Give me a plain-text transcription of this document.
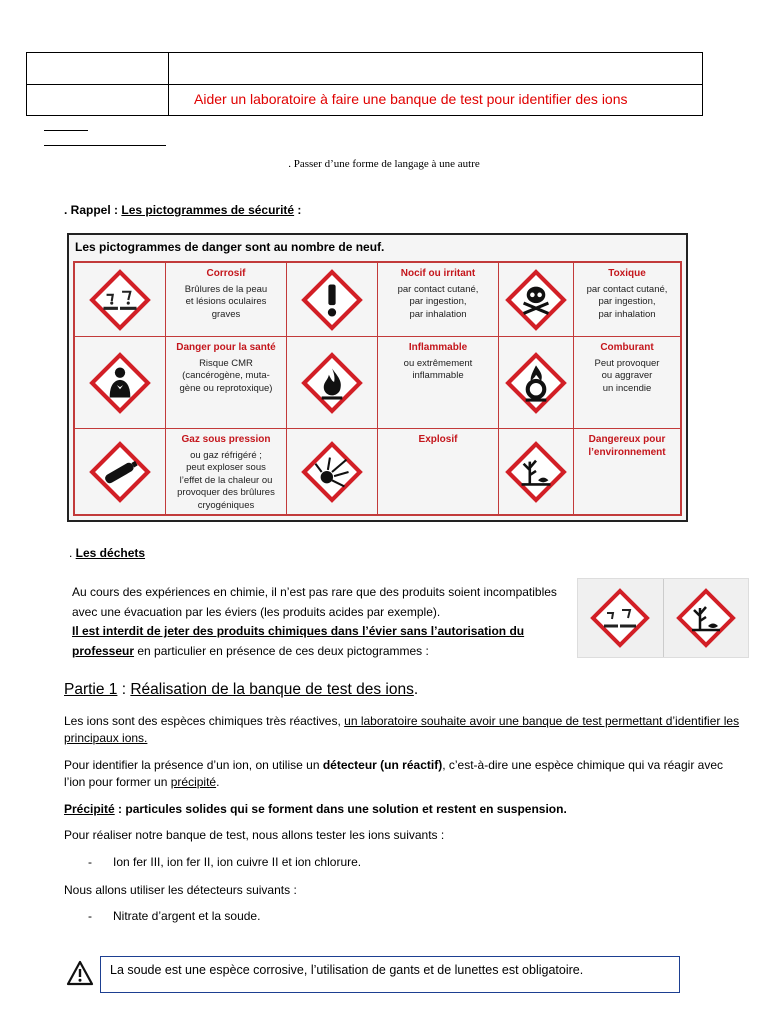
Aider un laboratoire à faire une banque de test pour identifier des ions
. Passer d’une forme de langage à une autre
. Rappel : Les pictogrammes de sécurité :
Les pictogrammes de danger sont au nombre de neuf.
Corrosif
Brûlures de la peau
et lésions oculaires
graves
Nocif ou irritant
par contact cutané,
par ingestion,
par inhalation
Toxique
par contact cutané,
par ingestion,
par inhalation
Danger pour la santé
Risque CMR
(cancérogène, muta-
gène ou reprotoxique)
Inflammable
ou extrêmement
inflammable
Comburant
Peut provoquer
ou aggraver
un incendie
Gaz sous pression
ou gaz réfrigéré ;
peut exploser sous
l’effet de la chaleur ou
provoquer des brûlures
cryogéniques
Explosif	Dangereux pour l’environnement
. Les déchets
Au cours des expériences en chimie, il n’est pas rare que des produits soient incompatibles avec une évacuation par les éviers (les produits acides par exemple).
Il est interdit de jeter des produits chimiques dans l’évier sans l’autorisation du professeur en particulier en présence de ces deux pictogrammes :
Partie 1 : Réalisation de la banque de test des ions.
Les ions sont des espèces chimiques très réactives, un laboratoire souhaite avoir une banque de test permettant d’identifier les principaux ions.
Pour identifier la présence d’un ion, on utilise un détecteur (un réactif), c’est-à-dire une espèce chimique qui va réagir avec l’ion pour former un précipité.
Précipité : particules solides qui se forment dans une solution et restent en suspension.
Pour réaliser notre banque de test, nous allons tester les ions suivants :
- Ion fer III, ion fer II, ion cuivre II et ion chlorure.
Nous allons utiliser les détecteurs suivants :
- Nitrate d’argent et la soude.
La soude est une espèce corrosive, l’utilisation de gants et de lunettes est obligatoire.
